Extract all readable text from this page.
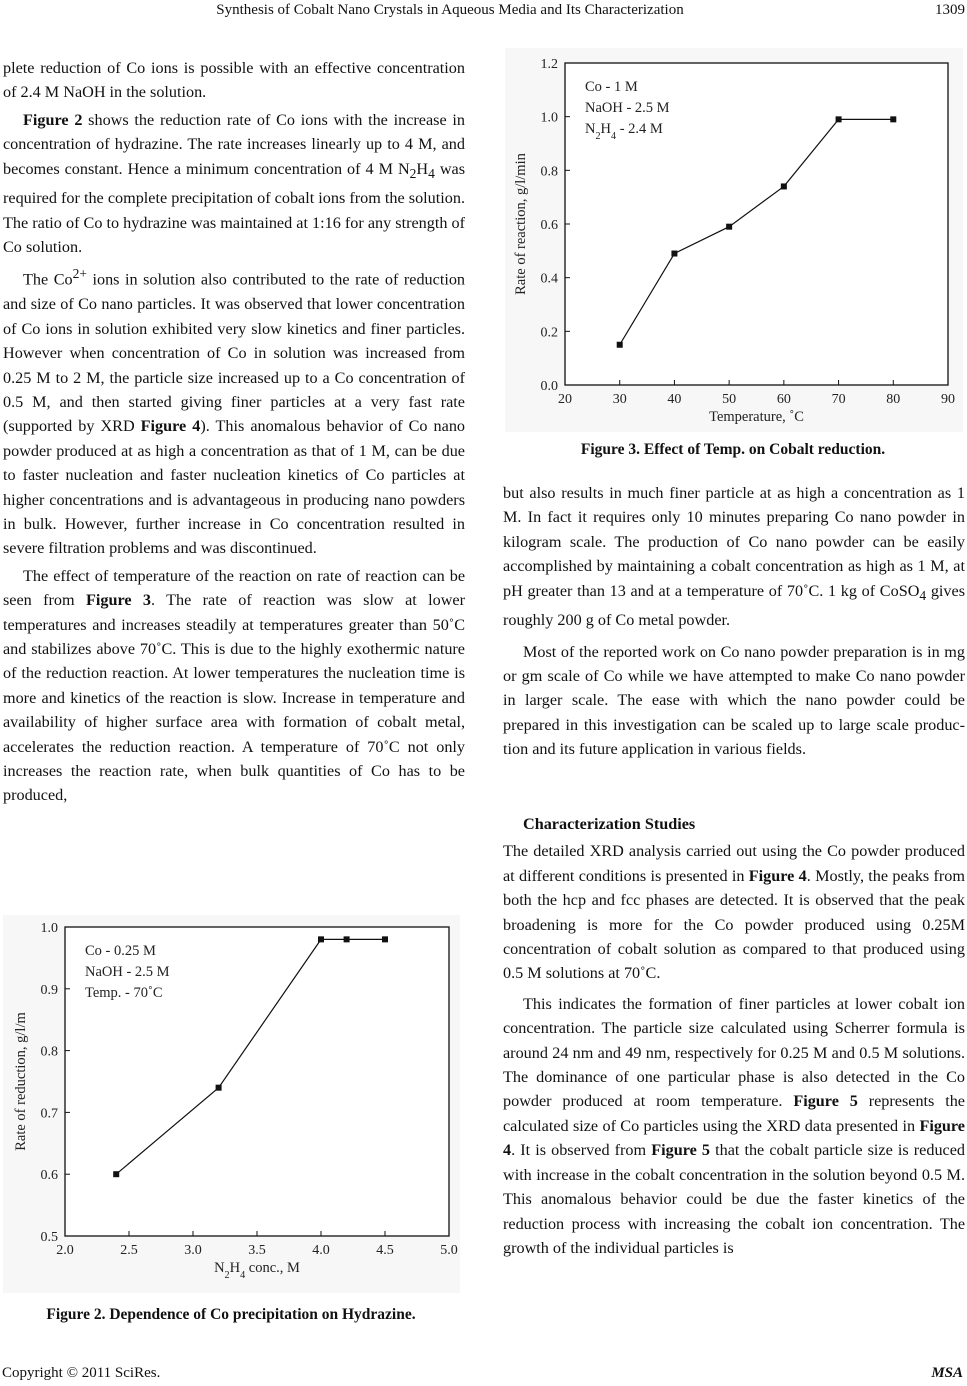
Synthesis of Cobalt Nano Crystals in Aqueous Media and Its Characterization	1309

plete reduction of Co ions is possible with an effective concentration of 2.4 M NaOH in the solution.

Figure 2 shows the reduction rate of Co ions with the increase in concentration of hydrazine. The rate increases linearly up to 4 M, and becomes constant. Hence a minimum concentration of 4 M $N_2H_4$ was required for the complete precipitation of cobalt ions from the solution. The ratio of Co to hydrazine was maintained at 1:16 for any strength of Co solution.

The $Co^{2+}$ ions in solution also contributed to the rate of reduction and size of Co nano particles. It was observed that lower concentration of Co ions in solution exhibited very slow kinetics and finer particles. However when concentration of Co in solution was increased from 0.25 M to 2 M, the particle size increased up to a Co concentration of 0.5 M, and then started giving finer particles at a very fast rate (supported by XRD Figure 4). This anomalous behavior of Co nano powder produced at as high a concentration as that of 1 M, can be due to faster nucleation and faster nucleation kinetics of Co particles at higher concentrations and is advantageous in producing nano powders in bulk. However, further increase in Co concentration resulted in severe filtration problems and was discontinued.

The effect of temperature of the reaction on rate of reaction can be seen from Figure 3. The rate of reaction was slow at lower temperatures and increases steadily at temperatures greater than 50˚C and stabilizes above 70˚C. This is due to the highly exothermic nature of the reduction reaction. At lower temperatures the nucleation time is more and kinetics of the reaction is slow. Increase in temperature and availability of higher surface area with formation of cobalt metal, accelerates the reduction reaction. A temperature of 70˚C not only increases the reaction rate, when bulk quantities of Co has to be produced,

20	30	40	50	60	70	80	90
0.0
0.2
0.4
0.6
0.8
1.0
1.2
Temperature, ˚C
Rate of reaction, g/l/min
Co - 1 M
NaOH - 2.5 M
$N_2H_4 - 2.4$ M
Figure 3. Effect of Temp. on Cobalt reduction.

but also results in much finer particle at as high a concentration as 1 M. In fact it requires only 10 minutes preparing Co nano powder in kilogram scale. The production of Co nano powder can be easily accomplished by maintaining a cobalt concentration as high as 1 M, at pH greater than 13 and at a temperature of 70˚C. 1 kg of CoSO$_4$ gives roughly 200 g of Co metal powder.

Most of the reported work on Co nano powder preparation is in mg or gm scale of Co while we have attempted to make Co nano powder in larger scale. The ease with which the nano powder could be prepared in this investigation can be scaled up to large scale production and its future application in various fields.

Characterization Studies

The detailed XRD analysis carried out using the Co powder produced at different conditions is presented in Figure 4. Mostly, the peaks from both the hcp and fcc phases are detected. It is observed that the peak broadening is more for the Co powder produced using 0.25M concentration of cobalt solution as compared to that produced using 0.5 M solutions at 70˚C.

This indicates the formation of finer particles at lower cobalt ion concentration. The particle size calculated using Scherrer formula is around 24 nm and 49 nm, respectively for 0.25 M and 0.5 M solutions. The dominance of one particular phase is also detected in the Co powder produced at room temperature. Figure 5 represents the calculated size of Co particles using the XRD data presented in Figure 4. It is observed from Figure 5 that the cobalt particle size is reduced with increase in the cobalt concentration in the solution beyond 0.5 M. This anomalous behavior could be due the faster kinetics of the reduction process with increasing the cobalt ion concentration. The growth of the individual particles is

2.0	2.5	3.0	3.5	4.0	4.5	5.0
0.5
0.6
0.7
0.8
0.9
1.0
$N_2H_4$ conc., M
Rate of reduction, g/l/m
Co - 0.25 M
NaOH - 2.5 M
Temp. - 70˚C
Figure 2. Dependence of Co precipitation on Hydrazine.
Copyright © 2011 SciRes.	MSA
